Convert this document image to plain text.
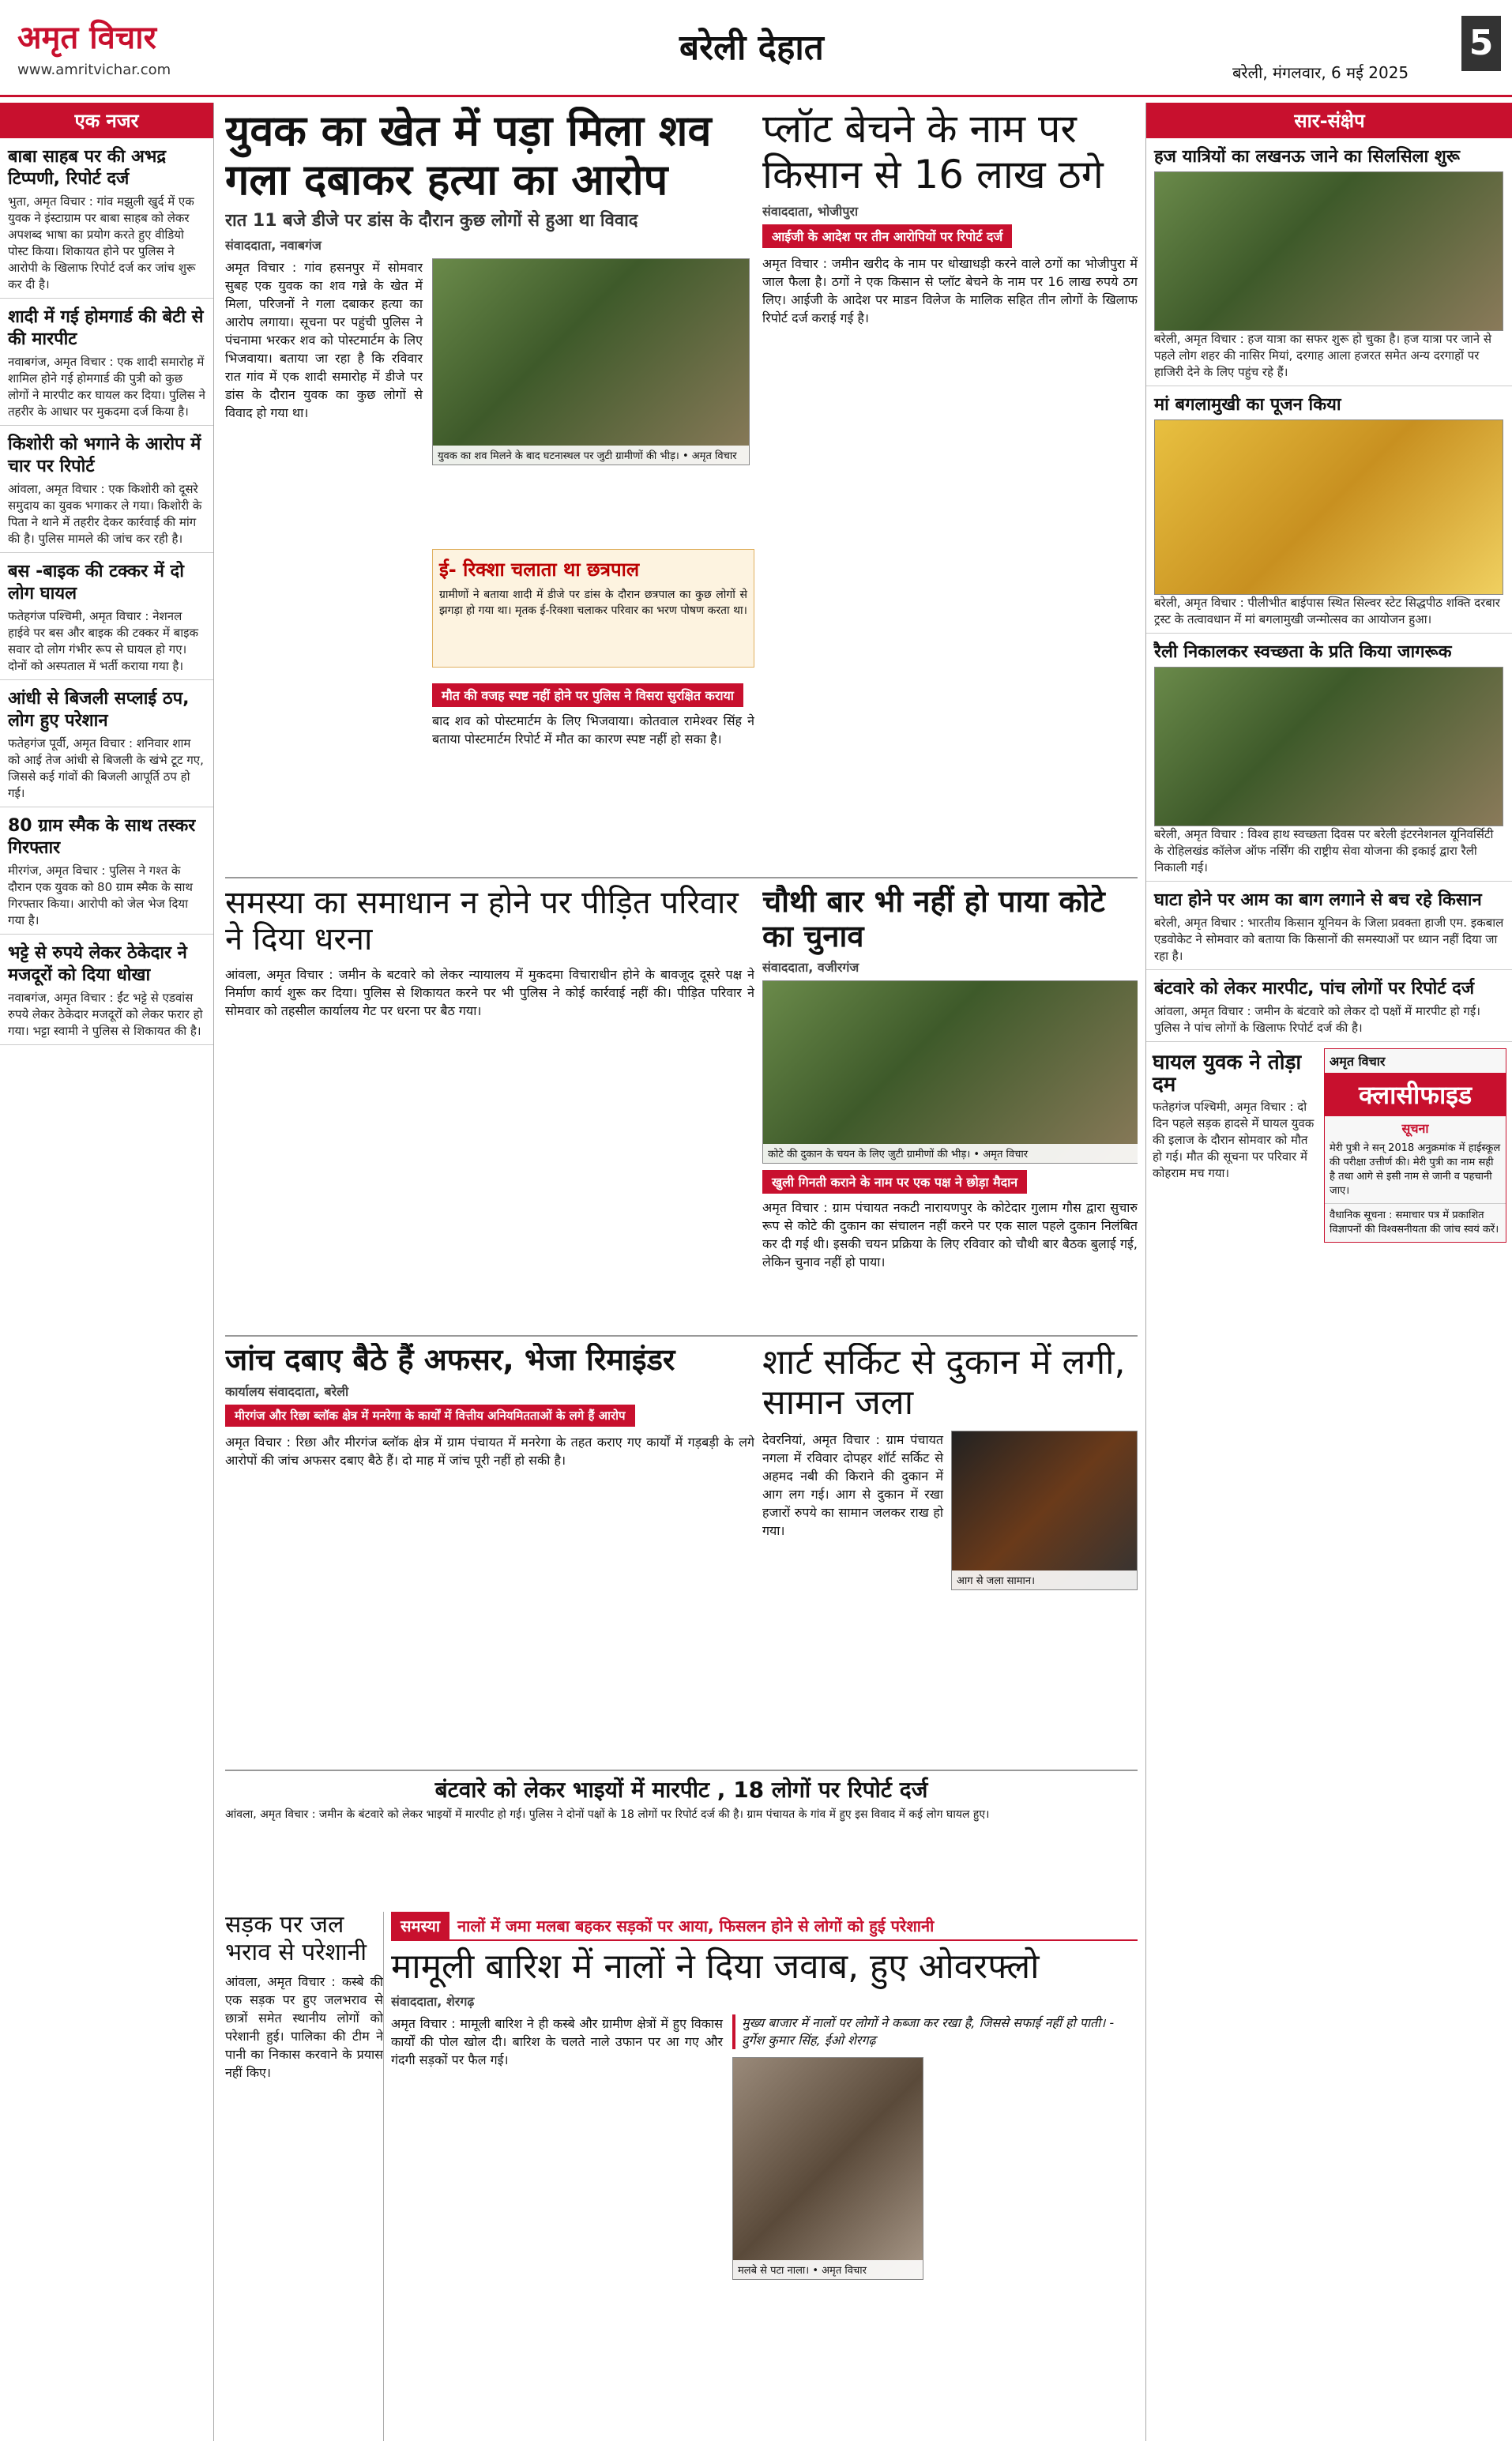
अमृत विचार
www.amritvichar.com
बरेली देहात
बरेली, मंगलवार, 6 मई 2025
5
एक नजर
बाबा साहब पर की अभद्र टिप्पणी, रिपोर्ट दर्ज

भुता, अमृत विचार : गांव मझुली खुर्द में एक युवक ने इंस्टाग्राम पर बाबा साहब को लेकर अपशब्द भाषा का प्रयोग करते हुए वीडियो पोस्ट किया। शिकायत होने पर पुलिस ने आरोपी के खिलाफ रिपोर्ट दर्ज कर जांच शुरू कर दी है।

शादी में गई होमगार्ड की बेटी से की मारपीट

नवाबगंज, अमृत विचार : एक शादी समारोह में शामिल होने गई होमगार्ड की पुत्री को कुछ लोगों ने मारपीट कर घायल कर दिया। पुलिस ने तहरीर के आधार पर मुकदमा दर्ज किया है।

किशोरी को भगाने के आरोप में चार पर रिपोर्ट

आंवला, अमृत विचार : एक किशोरी को दूसरे समुदाय का युवक भगाकर ले गया। किशोरी के पिता ने थाने में तहरीर देकर कार्रवाई की मांग की है। पुलिस मामले की जांच कर रही है।

बस -बाइक की टक्कर में दो लोग घायल

फतेहगंज पश्चिमी, अमृत विचार : नेशनल हाईवे पर बस और बाइक की टक्कर में बाइक सवार दो लोग गंभीर रूप से घायल हो गए। दोनों को अस्पताल में भर्ती कराया गया है।

आंधी से बिजली सप्लाई ठप, लोग हुए परेशान

फतेहगंज पूर्वी, अमृत विचार : शनिवार शाम को आई तेज आंधी से बिजली के खंभे टूट गए, जिससे कई गांवों की बिजली आपूर्ति ठप हो गई।

80 ग्राम स्मैक के साथ तस्कर गिरफ्तार

मीरगंज, अमृत विचार : पुलिस ने गश्त के दौरान एक युवक को 80 ग्राम स्मैक के साथ गिरफ्तार किया। आरोपी को जेल भेज दिया गया है।

भट्टे से रुपये लेकर ठेकेदार ने मजदूरों को दिया धोखा

नवाबगंज, अमृत विचार : ईंट भट्टे से एडवांस रुपये लेकर ठेकेदार मजदूरों को लेकर फरार हो गया। भट्टा स्वामी ने पुलिस से शिकायत की है।

युवक का खेत में पड़ा मिला शव गला दबाकर हत्या का आरोप
रात 11 बजे डीजे पर डांस के दौरान कुछ लोगों से हुआ था विवाद
संवाददाता, नवाबगंज

अमृत विचार : गांव हसनपुर में सोमवार सुबह एक युवक का शव गन्ने के खेत में मिला, परिजनों ने गला दबाकर हत्या का आरोप लगाया। सूचना पर पहुंची पुलिस ने पंचनामा भरकर शव को पोस्टमार्टम के लिए भिजवाया। बताया जा रहा है कि रविवार रात गांव में एक शादी समारोह में डीजे पर डांस के दौरान युवक का कुछ लोगों से विवाद हो गया था।

युवक का शव मिलने के बाद घटनास्थल पर जुटी ग्रामीणों की भीड़। • अमृत विचार
ई- रिक्शा चलाता था छत्रपाल

ग्रामीणों ने बताया शादी में डीजे पर डांस के दौरान छत्रपाल का कुछ लोगों से झगड़ा हो गया था। मृतक ई-रिक्शा चलाकर परिवार का भरण पोषण करता था।

मौत की वजह स्पष्ट नहीं होने पर पुलिस ने विसरा सुरक्षित कराया

बाद शव को पोस्टमार्टम के लिए भिजवाया। कोतवाल रामेश्वर सिंह ने बताया पोस्टमार्टम रिपोर्ट में मौत का कारण स्पष्ट नहीं हो सका है।

प्लॉट बेचने के नाम पर किसान से 16 लाख ठगे
संवाददाता, भोजीपुरा
आईजी के आदेश पर तीन आरोपियों पर रिपोर्ट दर्ज

अमृत विचार : जमीन खरीद के नाम पर धोखाधड़ी करने वाले ठगों का भोजीपुरा में जाल फैला है। ठगों ने एक किसान से प्लॉट बेचने के नाम पर 16 लाख रुपये ठग लिए। आईजी के आदेश पर माडन विलेज के मालिक सहित तीन लोगों के खिलाफ रिपोर्ट दर्ज कराई गई है।

समस्या का समाधान न होने पर पीड़ित परिवार ने दिया धरना

आंवला, अमृत विचार : जमीन के बटवारे को लेकर न्यायालय में मुकदमा विचाराधीन होने के बावजूद दूसरे पक्ष ने निर्माण कार्य शुरू कर दिया। पुलिस से शिकायत करने पर भी पुलिस ने कोई कार्रवाई नहीं की। पीड़ित परिवार ने सोमवार को तहसील कार्यालय गेट पर धरना पर बैठ गया।

चौथी बार भी नहीं हो पाया कोटे का चुनाव
संवाददाता, वजीरगंज
कोटे की दुकान के चयन के लिए जुटी ग्रामीणों की भीड़। • अमृत विचार
खुली गिनती कराने के नाम पर एक पक्ष ने छोड़ा मैदान

अमृत विचार : ग्राम पंचायत नकटी नारायणपुर के कोटेदार गुलाम गौस द्वारा सुचारु रूप से कोटे की दुकान का संचालन नहीं करने पर एक साल पहले दुकान निलंबित कर दी गई थी। इसकी चयन प्रक्रिया के लिए रविवार को चौथी बार बैठक बुलाई गई, लेकिन चुनाव नहीं हो पाया।

जांच दबाए बैठे हैं अफसर, भेजा रिमाइंडर
कार्यालय संवाददाता, बरेली
मीरगंज और रिछा ब्लॉक क्षेत्र में मनरेगा के कार्यों में वित्तीय अनियमितताओं के लगे हैं आरोप

अमृत विचार : रिछा और मीरगंज ब्लॉक क्षेत्र में ग्राम पंचायत में मनरेगा के तहत कराए गए कार्यों में गड़बड़ी के लगे आरोपों की जांच अफसर दबाए बैठे हैं। दो माह में जांच पूरी नहीं हो सकी है।

शार्ट सर्किट से दुकान में लगी, सामान जला

देवरनियां, अमृत विचार : ग्राम पंचायत नगला में रविवार दोपहर शॉर्ट सर्किट से अहमद नबी की किराने की दुकान में आग लग गई। आग से दुकान में रखा हजारों रुपये का सामान जलकर राख हो गया।

आग से जला सामान।
बंटवारे को लेकर भाइयों में मारपीट , 18 लोगों पर रिपोर्ट दर्ज

आंवला, अमृत विचार : जमीन के बंटवारे को लेकर भाइयों में मारपीट हो गई। पुलिस ने दोनों पक्षों के 18 लोगों पर रिपोर्ट दर्ज की है। ग्राम पंचायत के गांव में हुए इस विवाद में कई लोग घायल हुए।

सड़क पर जल भराव से परेशानी

आंवला, अमृत विचार : कस्बे की एक सड़क पर हुए जलभराव से छात्रों समेत स्थानीय लोगों को परेशानी हुई। पालिका की टीम ने पानी का निकास करवाने के प्रयास नहीं किए।

समस्या	नालों में जमा मलबा बहकर सड़कों पर आया, फिसलन होने से लोगों को हुई परेशानी
मामूली बारिश में नालों ने दिया जवाब, हुए ओवरफ्लो
संवाददाता, शेरगढ़

अमृत विचार : मामूली बारिश ने ही कस्बे और ग्रामीण क्षेत्रों में हुए विकास कार्यों की पोल खोल दी। बारिश के चलते नाले उफान पर आ गए और गंदगी सड़कों पर फैल गई।

मुख्य बाजार में नालों पर लोगों ने कब्जा कर रखा है, जिससे सफाई नहीं हो पाती। - दुर्गेश कुमार सिंह, ईओ शेरगढ़
मलबे से पटा नाला। • अमृत विचार
सार-संक्षेप
हज यात्रियों का लखनऊ जाने का सिलसिला शुरू

बरेली, अमृत विचार : हज यात्रा का सफर शुरू हो चुका है। हज यात्रा पर जाने से पहले लोग शहर की नासिर मियां, दरगाह आला हजरत समेत अन्य दरगाहों पर हाजिरी देने के लिए पहुंच रहे हैं।

मां बगलामुखी का पूजन किया

बरेली, अमृत विचार : पीलीभीत बाईपास स्थित सिल्वर स्टेट सिद्धपीठ शक्ति दरबार ट्रस्ट के तत्वावधान में मां बगलामुखी जन्मोत्सव का आयोजन हुआ।

रैली निकालकर स्वच्छता के प्रति किया जागरूक

बरेली, अमृत विचार : विश्व हाथ स्वच्छता दिवस पर बरेली इंटरनेशनल यूनिवर्सिटी के रोहिलखंड कॉलेज ऑफ नर्सिंग की राष्ट्रीय सेवा योजना की इकाई द्वारा रैली निकाली गई।

घाटा होने पर आम का बाग लगाने से बच रहे किसान

बरेली, अमृत विचार : भारतीय किसान यूनियन के जिला प्रवक्ता हाजी एम. इकबाल एडवोकेट ने सोमवार को बताया कि किसानों की समस्याओं पर ध्यान नहीं दिया जा रहा है।

बंटवारे को लेकर मारपीट, पांच लोगों पर रिपोर्ट दर्ज

आंवला, अमृत विचार : जमीन के बंटवारे को लेकर दो पक्षों में मारपीट हो गई। पुलिस ने पांच लोगों के खिलाफ रिपोर्ट दर्ज की है।

घायल युवक ने तोड़ा दम

फतेहगंज पश्चिमी, अमृत विचार : दो दिन पहले सड़क हादसे में घायल युवक की इलाज के दौरान सोमवार को मौत हो गई। मौत की सूचना पर परिवार में कोहराम मच गया।

अमृत विचार
क्लासीफाइड
सूचना
मेरी पुत्री ने सन् 2018 अनुक्रमांक में हाईस्कूल की परीक्षा उत्तीर्ण की। मेरी पुत्री का नाम सही है तथा आगे से इसी नाम से जानी व पहचानी जाए।
वैधानिक सूचना : समाचार पत्र में प्रकाशित विज्ञापनों की विश्वसनीयता की जांच स्वयं करें।
